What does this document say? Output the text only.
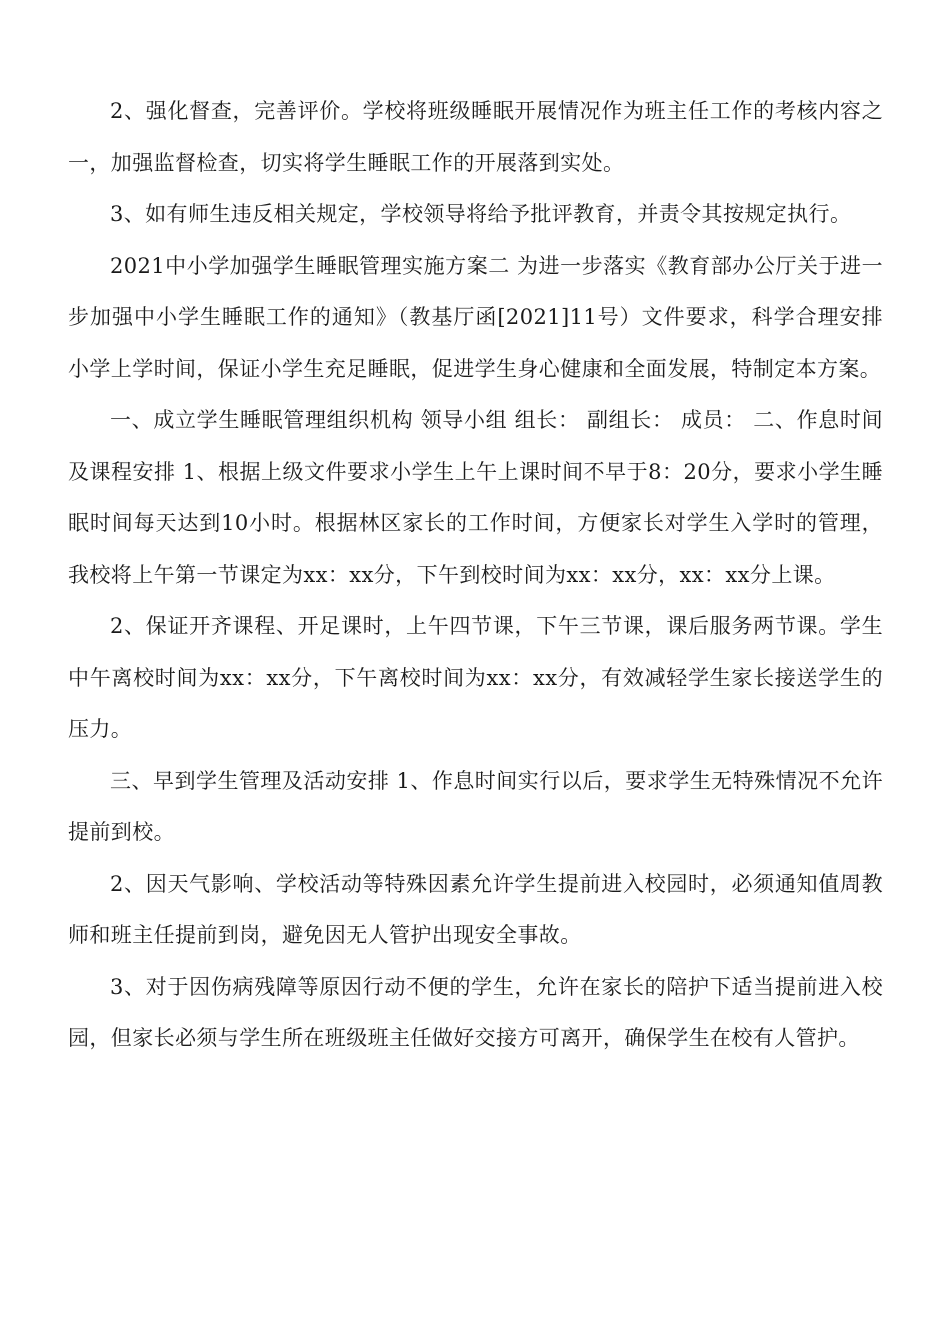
2、强化督查，完善评价。学校将班级睡眠开展情况作为班主任工作的考核内容之一，加强监督检查，切实将学生睡眠工作的开展落到实处。

3、如有师生违反相关规定，学校领导将给予批评教育，并责令其按规定执行。

2021中小学加强学生睡眠管理实施方案二 为进一步落实《教育部办公厅关于进一步加强中小学生睡眠工作的通知》（教基厅函[2021]11号）文件要求，科学合理安排小学上学时间，保证小学生充足睡眠，促进学生身心健康和全面发展，特制定本方案。

一、成立学生睡眠管理组织机构 领导小组 组长： 副组长： 成员： 二、作息时间及课程安排 1、根据上级文件要求小学生上午上课时间不早于8：20分，要求小学生睡眠时间每天达到10小时。根据林区家长的工作时间，方便家长对学生入学时的管理，我校将上午第一节课定为xx：xx分，下午到校时间为xx：xx分，xx：xx分上课。

2、保证开齐课程、开足课时，上午四节课，下午三节课，课后服务两节课。学生中午离校时间为xx：xx分，下午离校时间为xx：xx分，有效减轻学生家长接送学生的压力。

三、早到学生管理及活动安排 1、作息时间实行以后，要求学生无特殊情况不允许提前到校。

2、因天气影响、学校活动等特殊因素允许学生提前进入校园时，必须通知值周教师和班主任提前到岗，避免因无人管护出现安全事故。

3、对于因伤病残障等原因行动不便的学生，允许在家长的陪护下适当提前进入校园，但家长必须与学生所在班级班主任做好交接方可离开，确保学生在校有人管护。
